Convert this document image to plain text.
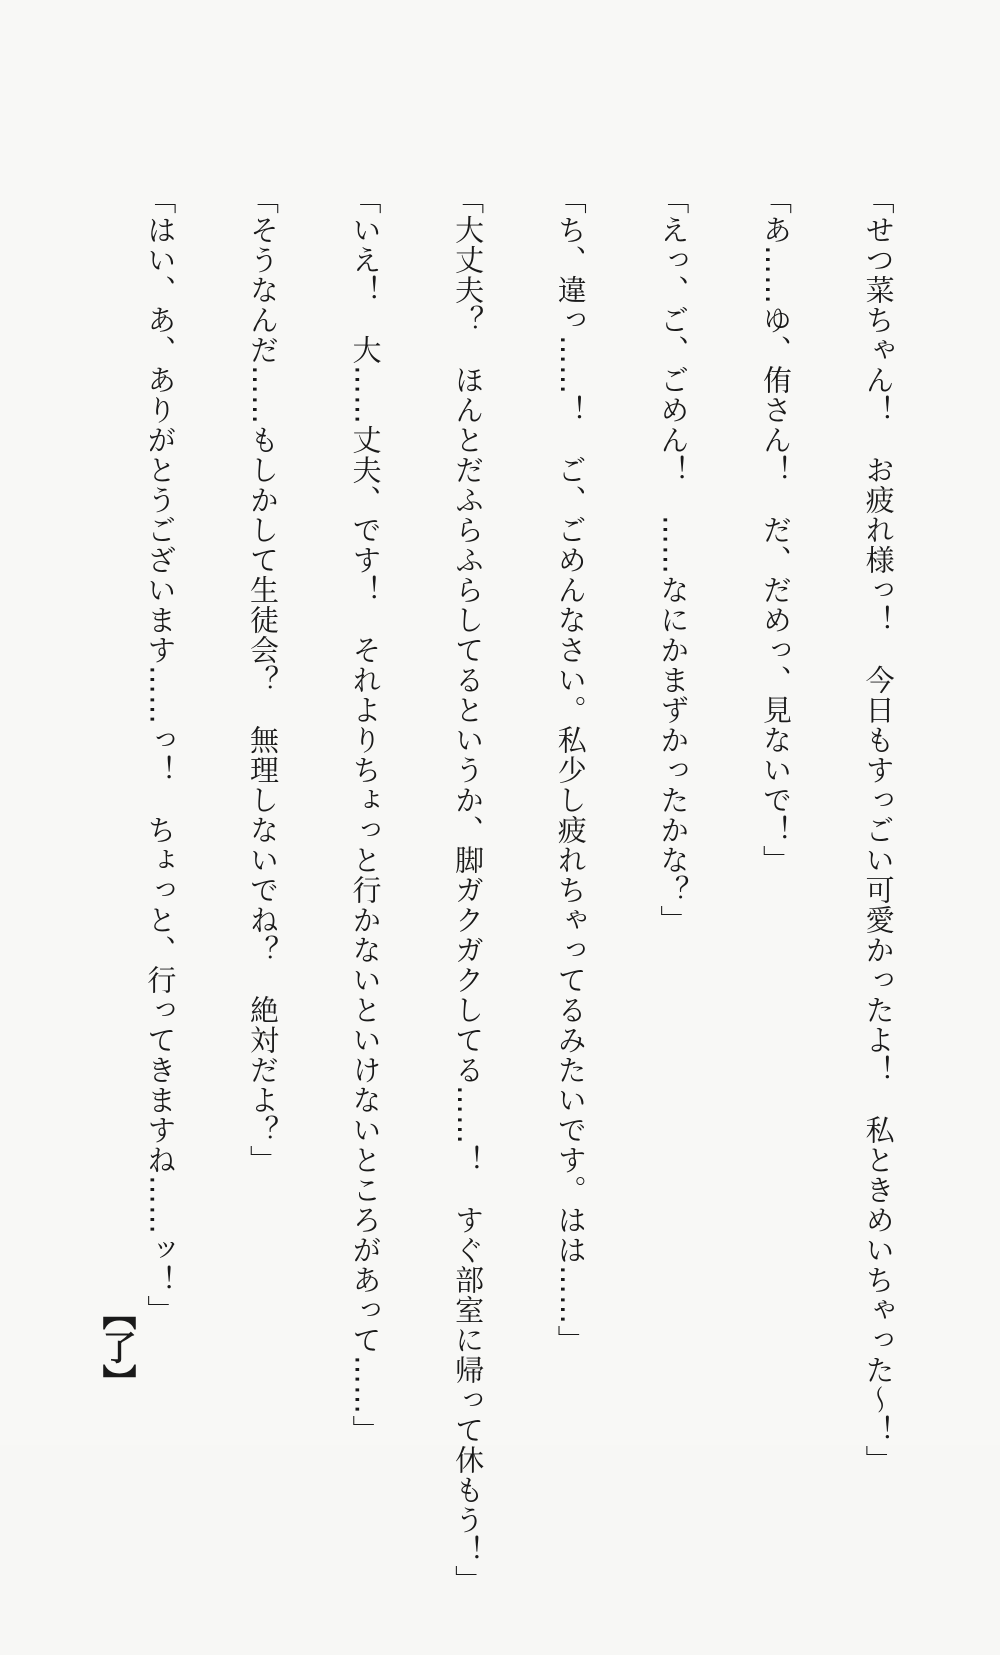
「せつ菜ちゃん！　お疲れ様っ！　今日もすっごい可愛かったよ！　私ときめいちゃった〜！」

「あ……ゆ、侑さん！　だ、だめっ、見ないで！」

「えっ、ご、ごめん！　……なにかまずかったかな？」

「ち、違っ……！　ご、ごめんなさい。私少し疲れちゃってるみたいです。はは……」

「大丈夫？　ほんとだふらふらしてるというか、脚ガクガクしてる……！　すぐ部室に帰って休もう！」

「いえ！　大……丈夫、です！　それよりちょっと行かないといけないところがあって……」

「そうなんだ……もしかして生徒会？　無理しないでね？　絶対だよ？」

「はい、あ、ありがとうございます……っ！　ちょっと、行ってきますね……ッ！」

【了】
